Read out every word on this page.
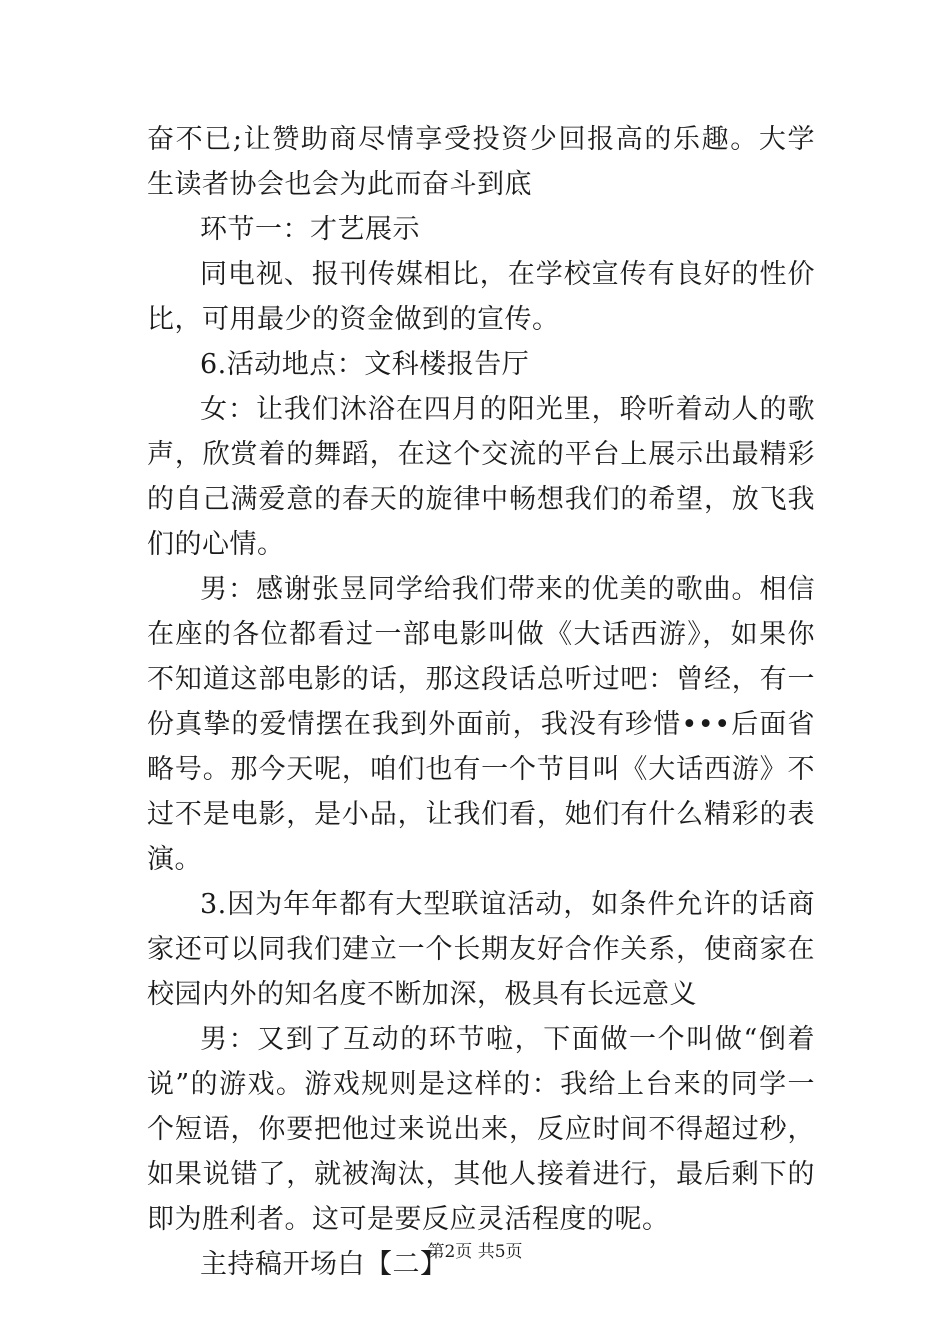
奋不已;让赞助商尽情享受投资少回报高的乐趣。大学生读者协会也会为此而奋斗到底

环节一：才艺展示

同电视、报刊传媒相比，在学校宣传有良好的性价比，可用最少的资金做到的宣传。

6.活动地点：文科楼报告厅

女：让我们沐浴在四月的阳光里，聆听着动人的歌声，欣赏着的舞蹈，在这个交流的平台上展示出最精彩的自己满爱意的春天的旋律中畅想我们的希望，放飞我们的心情。

男：感谢张昱同学给我们带来的优美的歌曲。相信在座的各位都看过一部电影叫做《大话西游》，如果你不知道这部电影的话，那这段话总听过吧：曾经，有一份真挚的爱情摆在我到外面前，我没有珍惜•••后面省略号。那今天呢，咱们也有一个节目叫《大话西游》不过不是电影，是小品，让我们看，她们有什么精彩的表演。

3.因为年年都有大型联谊活动，如条件允许的话商家还可以同我们建立一个长期友好合作关系，使商家在校园内外的知名度不断加深，极具有长远意义

男：又到了互动的环节啦，下面做一个叫做“倒着说”的游戏。游戏规则是这样的：我给上台来的同学一个短语，你要把他过来说出来，反应时间不得超过秒，如果说错了，就被淘汰，其他人接着进行，最后剩下的即为胜利者。这可是要反应灵活程度的呢。

主持稿开场白【二】

第2页 共5页
